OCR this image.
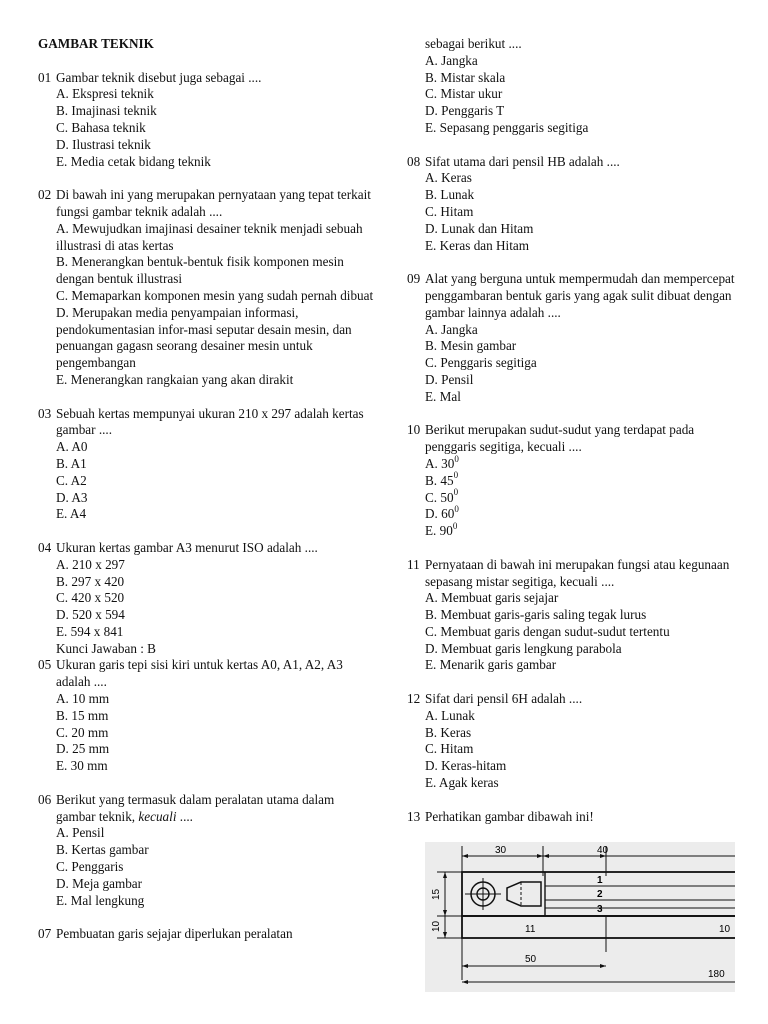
GAMBAR TEKNIK
01 Gambar teknik disebut juga sebagai ....
A. Ekspresi teknik
B. Imajinasi teknik
C. Bahasa teknik
D. Ilustrasi teknik
E. Media cetak bidang teknik
02 Di bawah ini yang merupakan pernyataan yang tepat terkait fungsi gambar teknik adalah ....
A. Mewujudkan imajinasi desainer teknik menjadi sebuah illustrasi di atas kertas
B. Menerangkan bentuk-bentuk fisik komponen mesin dengan bentuk illustrasi
C. Memaparkan komponen mesin yang sudah pernah dibuat
D. Merupakan media penyampaian informasi, pendokumentasian infor-masi seputar desain mesin, dan penuangan gagasn seorang desainer mesin untuk pengembangan
E. Menerangkan rangkaian yang akan dirakit
03 Sebuah kertas mempunyai ukuran 210 x 297 adalah kertas gambar ....
A. A0
B. A1
C. A2
D. A3
E. A4
04 Ukuran kertas gambar A3 menurut ISO adalah ....
A. 210 x 297
B. 297 x 420
C. 420 x 520
D. 520 x 594
E. 594 x 841
Kunci Jawaban : B
05 Ukuran garis tepi sisi kiri untuk kertas A0, A1, A2, A3 adalah ....
A. 10 mm
B. 15 mm
C. 20 mm
D. 25 mm
E. 30 mm
06 Berikut yang termasuk dalam peralatan utama dalam gambar teknik, kecuali ....
A. Pensil
B. Kertas gambar
C. Penggaris
D. Meja gambar
E. Mal lengkung
07 Pembuatan garis sejajar diperlukan peralatan
sebagai berikut ....
A. Jangka
B. Mistar skala
C. Mistar ukur
D. Penggaris T
E. Sepasang penggaris segitiga
08 Sifat utama dari pensil HB adalah ....
A. Keras
B. Lunak
C. Hitam
D. Lunak dan Hitam
E. Keras dan Hitam
09 Alat yang berguna untuk mempermudah dan mempercepat penggambaran bentuk garis yang agak sulit dibuat dengan gambar lainnya adalah ....
A. Jangka
B. Mesin gambar
C. Penggaris segitiga
D. Pensil
E. Mal
10 Berikut merupakan sudut-sudut yang terdapat pada penggaris segitiga, kecuali ....
A. $30^0$
B. $45^0$
C. $50^0$
D. $60^0$
E. $90^0$
11 Pernyataan di bawah ini merupakan fungsi atau kegunaan sepasang mistar segitiga, kecuali ....
A. Membuat garis sejajar
B. Membuat garis-garis saling tegak lurus
C. Membuat garis dengan sudut-sudut tertentu
D. Membuat garis lengkung parabola
E. Menarik garis gambar
12 Sifat dari pensil 6H adalah ....
A. Lunak
B. Keras
C. Hitam
D. Keras-hitam
E. Agak keras
13 Perhatikan gambar dibawah ini!
30	40
15
10	11	10
50
180
1
2
3
